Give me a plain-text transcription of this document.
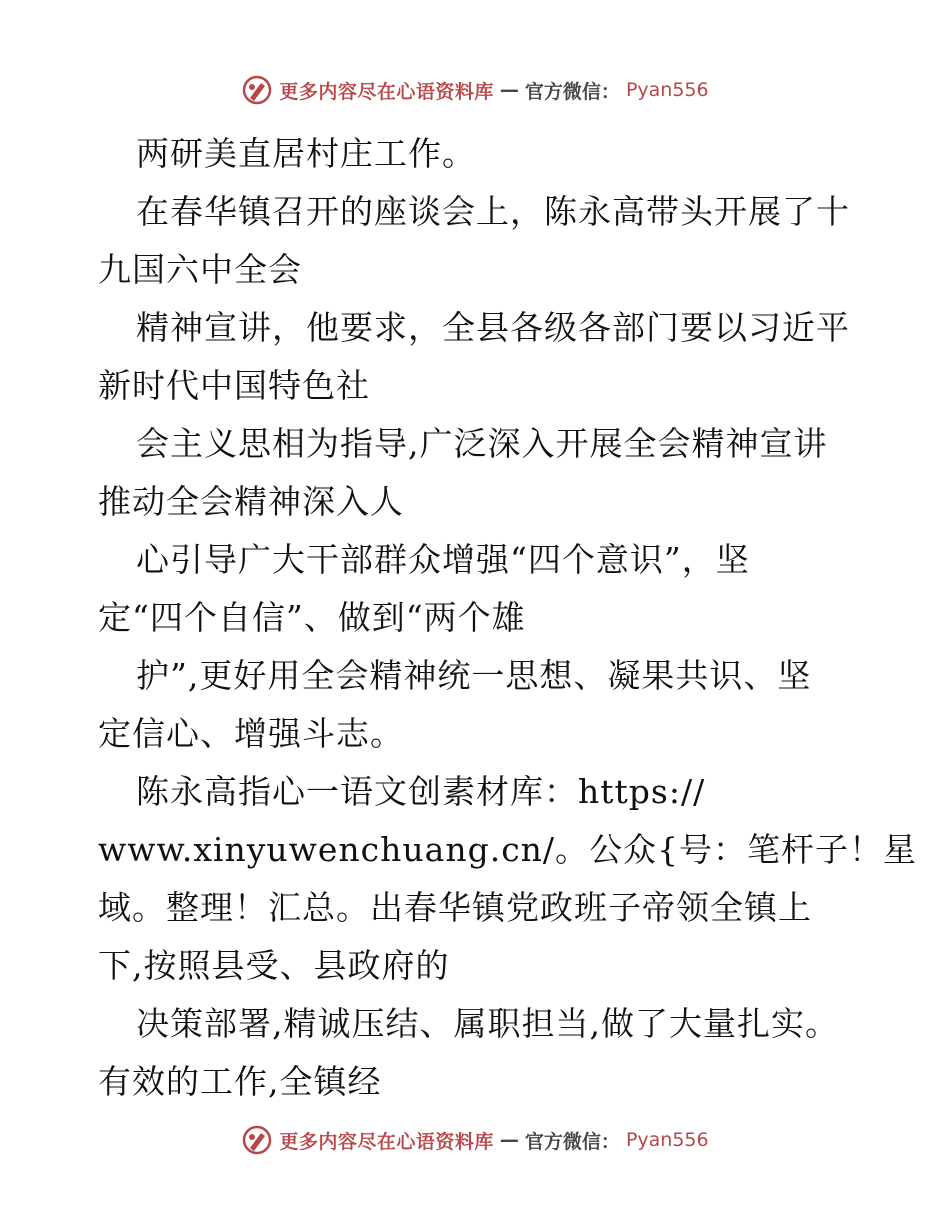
更多内容尽在心语资料库 — 官方微信： Pyan556
两研美直居村庄工作。
在春华镇召开的座谈会上，陈永高带头开展了十
九国六中全会
精神宣讲，他要求，全县各级各部门要以习近平
新时代中国特色社
会主义思相为指导,广泛深入开展全会精神宣讲
推动全会精神深入人
心引导广大干部群众增强“四个意识”，坚
定“四个自信”、做到“两个雄
护”,更好用全会精神统一思想、凝果共识、坚
定信心、增强斗志。
陈永高指心一语文创素材库：https://
www.xinyuwenchuang.cn/。公众{号：笔杆子！星
域。整理！汇总。出春华镇党政班子帝领全镇上
下,按照县受、县政府的
决策部署,精诚压结、属职担当,做了大量扎实。
有效的工作,全镇经
更多内容尽在心语资料库 — 官方微信： Pyan556
